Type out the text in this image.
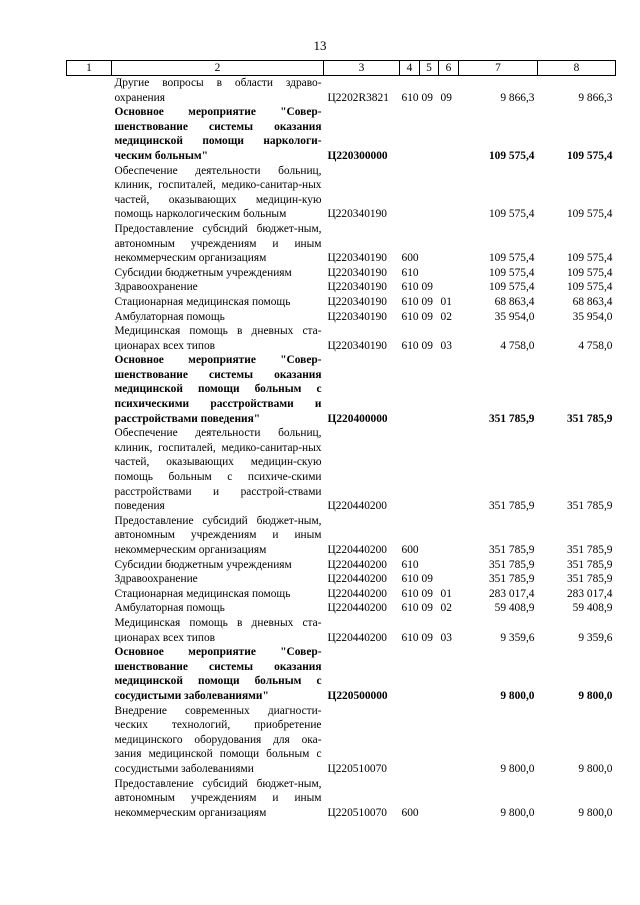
13
1	2	3	4	5	6	7	8
	Другие вопросы в области здраво-охранения	Ц2202R3821	610	09	09	9 866,3	9 866,3
	Основное мероприятие "Совер-шенствование системы оказания медицинской помощи наркологи-ческим больным"	Ц220300000				109 575,4	109 575,4
	Обеспечение деятельности больниц, клиник, госпиталей, медико-санитар-ных частей, оказывающих медицин-кую помощь наркологическим больным	Ц220340190				109 575,4	109 575,4
	Предоставление субсидий бюджет-ным, автономным учреждениям и иным некоммерческим организациям	Ц220340190	600			109 575,4	109 575,4
	Субсидии бюджетным учреждениям	Ц220340190	610			109 575,4	109 575,4
	Здравоохранение	Ц220340190	610	09		109 575,4	109 575,4
	Стационарная медицинская помощь	Ц220340190	610	09	01	68 863,4	68 863,4
	Амбулаторная помощь	Ц220340190	610	09	02	35 954,0	35 954,0
	Медицинская помощь в дневных ста-ционарах всех типов	Ц220340190	610	09	03	4 758,0	4 758,0
	Основное мероприятие "Совер-шенствование системы оказания медицинской помощи больным с психическими расстройствами и расстройствами поведения"	Ц220400000				351 785,9	351 785,9
	Обеспечение деятельности больниц, клиник, госпиталей, медико-санитар-ных частей, оказывающих медицин-скую помощь больным с психиче-скими расстройствами и расстрой-ствами поведения	Ц220440200				351 785,9	351 785,9
	Предоставление субсидий бюджет-ным, автономным учреждениям и иным некоммерческим организациям	Ц220440200	600			351 785,9	351 785,9
	Субсидии бюджетным учреждениям	Ц220440200	610			351 785,9	351 785,9
	Здравоохранение	Ц220440200	610	09		351 785,9	351 785,9
	Стационарная медицинская помощь	Ц220440200	610	09	01	283 017,4	283 017,4
	Амбулаторная помощь	Ц220440200	610	09	02	59 408,9	59 408,9
	Медицинская помощь в дневных ста-ционарах всех типов	Ц220440200	610	09	03	9 359,6	9 359,6
	Основное мероприятие "Совер-шенствование системы оказания медицинской помощи больным с сосудистыми заболеваниями"	Ц220500000				9 800,0	9 800,0
	Внедрение современных диагности-ческих технологий, приобретение медицинского оборудования для ока-зания медицинской помощи больным с сосудистыми заболеваниями	Ц220510070				9 800,0	9 800,0
	Предоставление субсидий бюджет-ным, автономным учреждениям и иным некоммерческим организациям	Ц220510070	600			9 800,0	9 800,0
